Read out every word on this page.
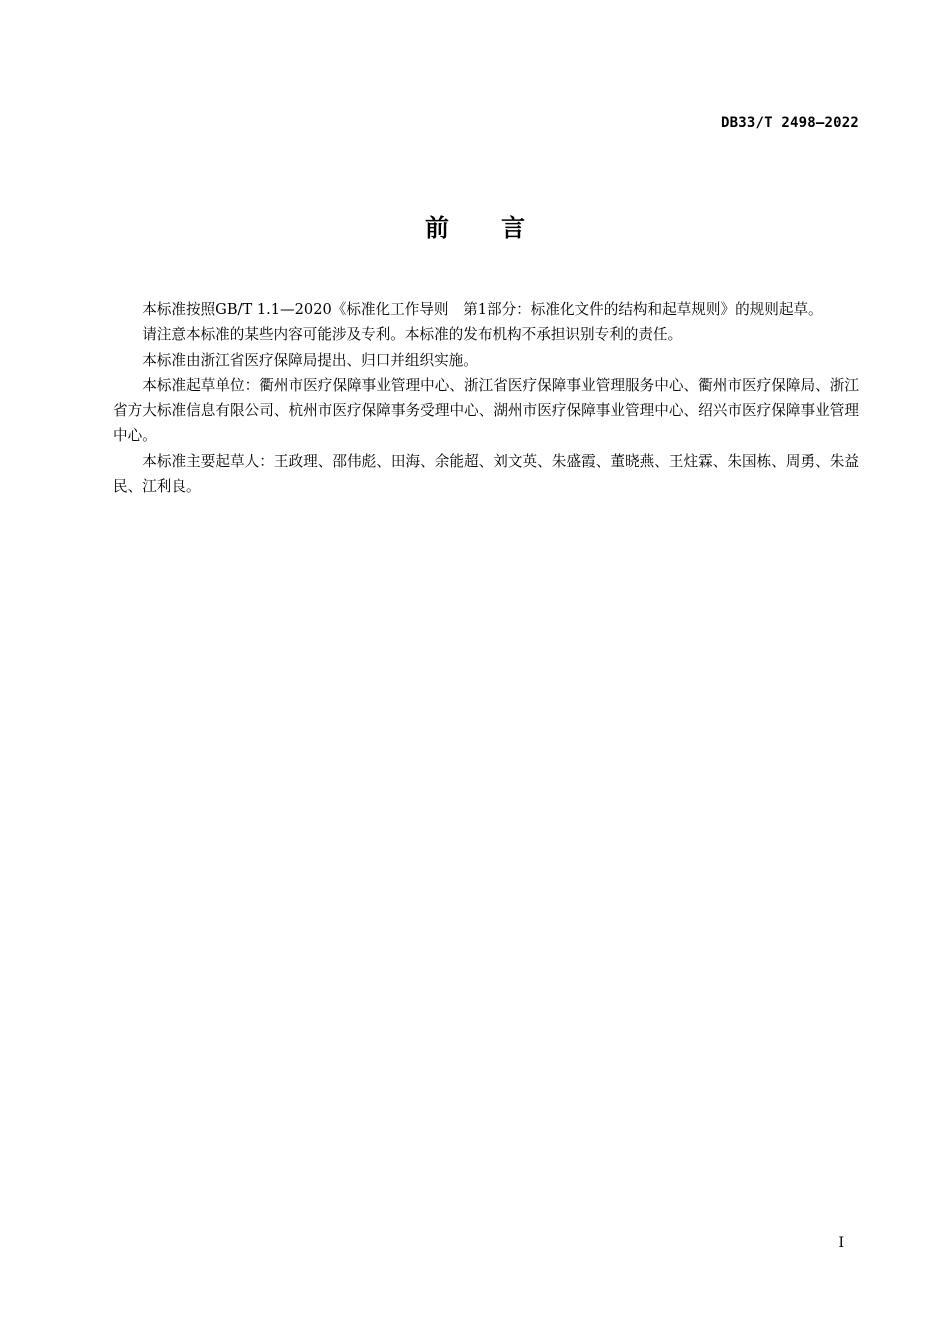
DB33/T 2498—2022
前言

本标准按照GB/T 1.1—2020《标准化工作导则　第1部分：标准化文件的结构和起草规则》的规则起草。

请注意本标准的某些内容可能涉及专利。本标准的发布机构不承担识别专利的责任。

本标准由浙江省医疗保障局提出、归口并组织实施。

本标准起草单位：衢州市医疗保障事业管理中心、浙江省医疗保障事业管理服务中心、衢州市医疗保障局、浙江省方大标准信息有限公司、杭州市医疗保障事务受理中心、湖州市医疗保障事业管理中心、绍兴市医疗保障事业管理中心。

本标准主要起草人：王政理、邵伟彪、田海、余能超、刘文英、朱盛霞、董晓燕、王炷霖、朱国栋、周勇、朱益民、江利良。

I
